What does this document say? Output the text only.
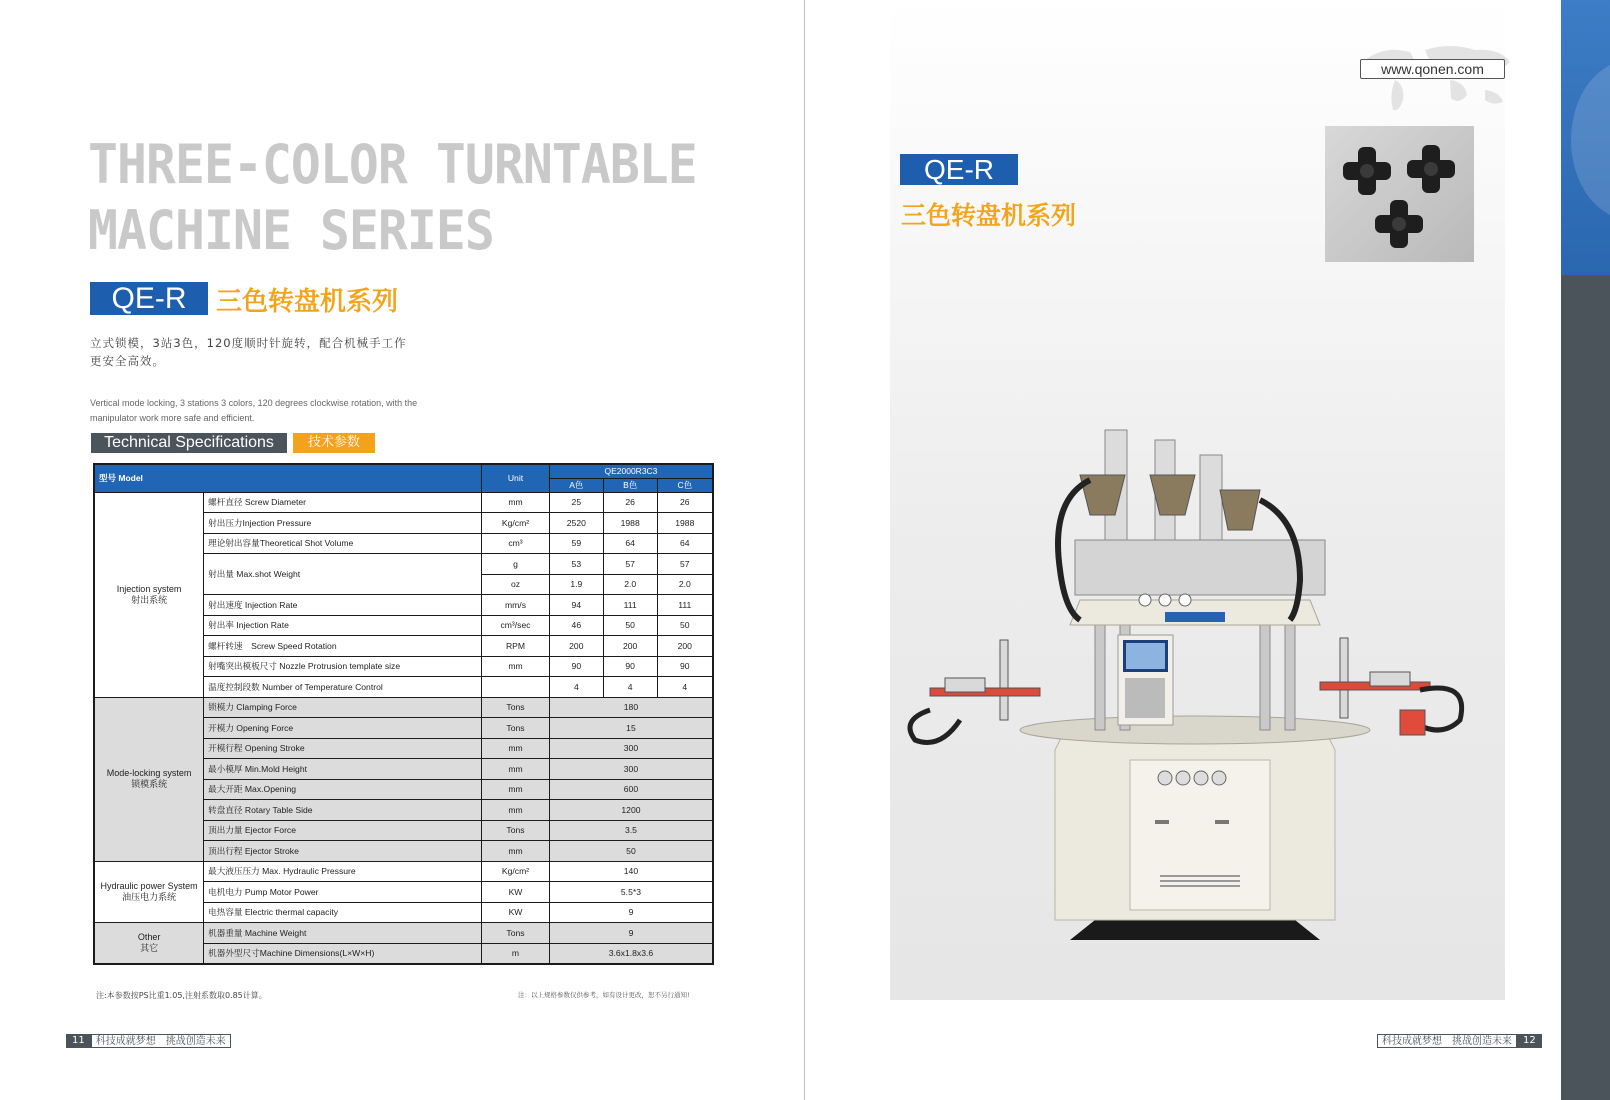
THREE-COLOR TURNTABLE
MACHINE SERIES
QE-R	三色转盘机系列
立式锁模，3站3色，120度顺时针旋转，配合机械手工作更安全高效。
Vertical mode locking, 3 stations 3 colors, 120 degrees clockwise rotation, with the manipulator work more safe and efficient.
Technical Specifications	技术参数
型号 Model		Unit	QE2000R3C3		
			A色	B色	C色
Injection system
射出系统	螺杆直径 Screw Diameter	mm	25	26	26
	射出压力Injection Pressure	Kg/cm²	2520	1988	1988
	理论射出容量Theoretical Shot Volume	cm³	59	64	64
	射出量 Max.shot Weight	g	53	57	57
		oz	1.9	2.0	2.0
	射出速度 Injection Rate	mm/s	94	111	111
	射出率 Injection Rate	cm³/sec	46	50	50
	螺杆转速　Screw Speed Rotation	RPM	200	200	200
	射嘴突出模板尺寸 Nozzle Protrusion template size	mm	90	90	90
	温度控制段数 Number of Temperature Control		4	4	4
Mode-locking system
锁模系统	锁模力 Clamping Force	Tons	180		
	开模力 Opening Force	Tons	15		
	开模行程 Opening Stroke	mm	300		
	最小模厚 Min.Mold Height	mm	300		
	最大开距 Max.Opening	mm	600		
	转盘直径 Rotary Table Side	mm	1200		
	顶出力量 Ejector Force	Tons	3.5		
	顶出行程 Ejector Stroke	mm	50		
Hydraulic power System
油压电力系统	最大液压压力 Max. Hydraulic Pressure	Kg/cm²	140		
	电机电力 Pump Motor Power	KW	5.5*3		
	电热容量 Electric thermal capacity	KW	9		
Other
其它	机器重量 Machine Weight	Tons	9		
	机器外型尺寸Machine Dimensions(L×W×H)	m	3.6x1.8x3.6		
注:本参数按PS比重1.05,注射系数取0.85计算。	注：以上规格参数仅供参考，如有设计更改，恕不另行通知!
11	科技成就梦想　挑战创造未来
www.qonen.com
QE-R
三色转盘机系列
科技成就梦想　挑战创造未来	12
